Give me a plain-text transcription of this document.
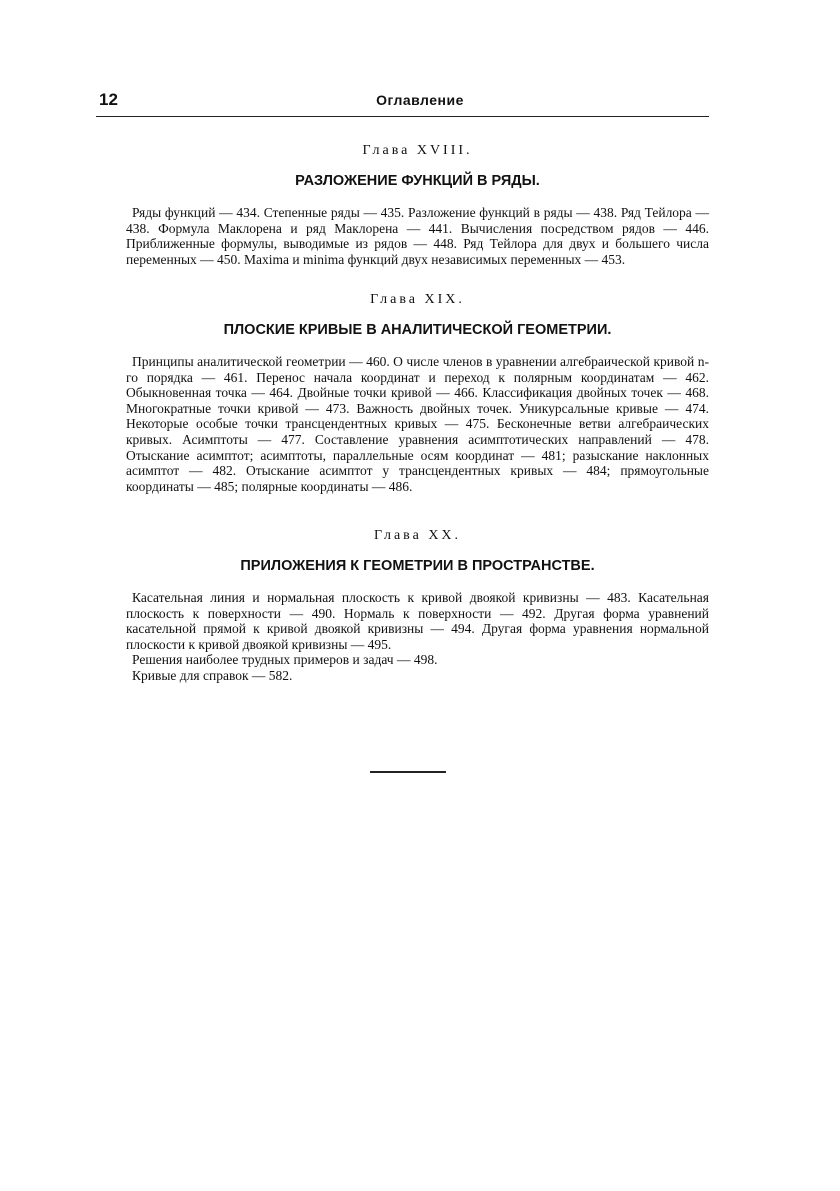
12	Оглавление

Глава XVIII.

РАЗЛОЖЕНИЕ ФУНКЦИЙ В РЯДЫ.

Ряды функций — 434. Степенные ряды — 435. Разложение функций в ряды — 438. Ряд Тейлора — 438. Формула Маклорена и ряд Маклорена — 441. Вычисления посредством рядов — 446. Приближенные формулы, выводимые из рядов — 448. Ряд Тейлора для двух и большего числа переменных — 450. Maxima и minima функций двух независимых переменных — 453.

Глава XIX.

ПЛОСКИЕ КРИВЫЕ В АНАЛИТИЧЕСКОЙ ГЕОМЕТРИИ.

Принципы аналитической геометрии — 460. О числе членов в уравнении алгебраической кривой n-го порядка — 461. Перенос начала координат и переход к полярным координатам — 462. Обыкновенная точка — 464. Двойные точки кривой — 466. Классификация двойных точек — 468. Многократные точки кривой — 473. Важность двойных точек. Уникурсальные кривые — 474. Некоторые особые точки трансцендентных кривых — 475. Бесконечные ветви алгебраических кривых. Асимптоты — 477. Составление уравнения асимптотических направлений — 478. Отыскание асимптот; асимптоты, параллельные осям координат — 481; разыскание наклонных асимптот — 482. Отыскание асимптот у трансцендентных кривых — 484; прямоугольные координаты — 485; полярные координаты — 486.

Глава XX.

ПРИЛОЖЕНИЯ К ГЕОМЕТРИИ В ПРОСТРАНСТВЕ.

Касательная линия и нормальная плоскость к кривой двоякой кривизны — 483. Касательная плоскость к поверхности — 490. Нормаль к поверхности — 492. Другая форма уравнений касательной прямой к кривой двоякой кривизны — 494. Другая форма уравнения нормальной плоскости к кривой двоякой кривизны — 495.

Решения наиболее трудных примеров и задач — 498.

Кривые для справок — 582.
